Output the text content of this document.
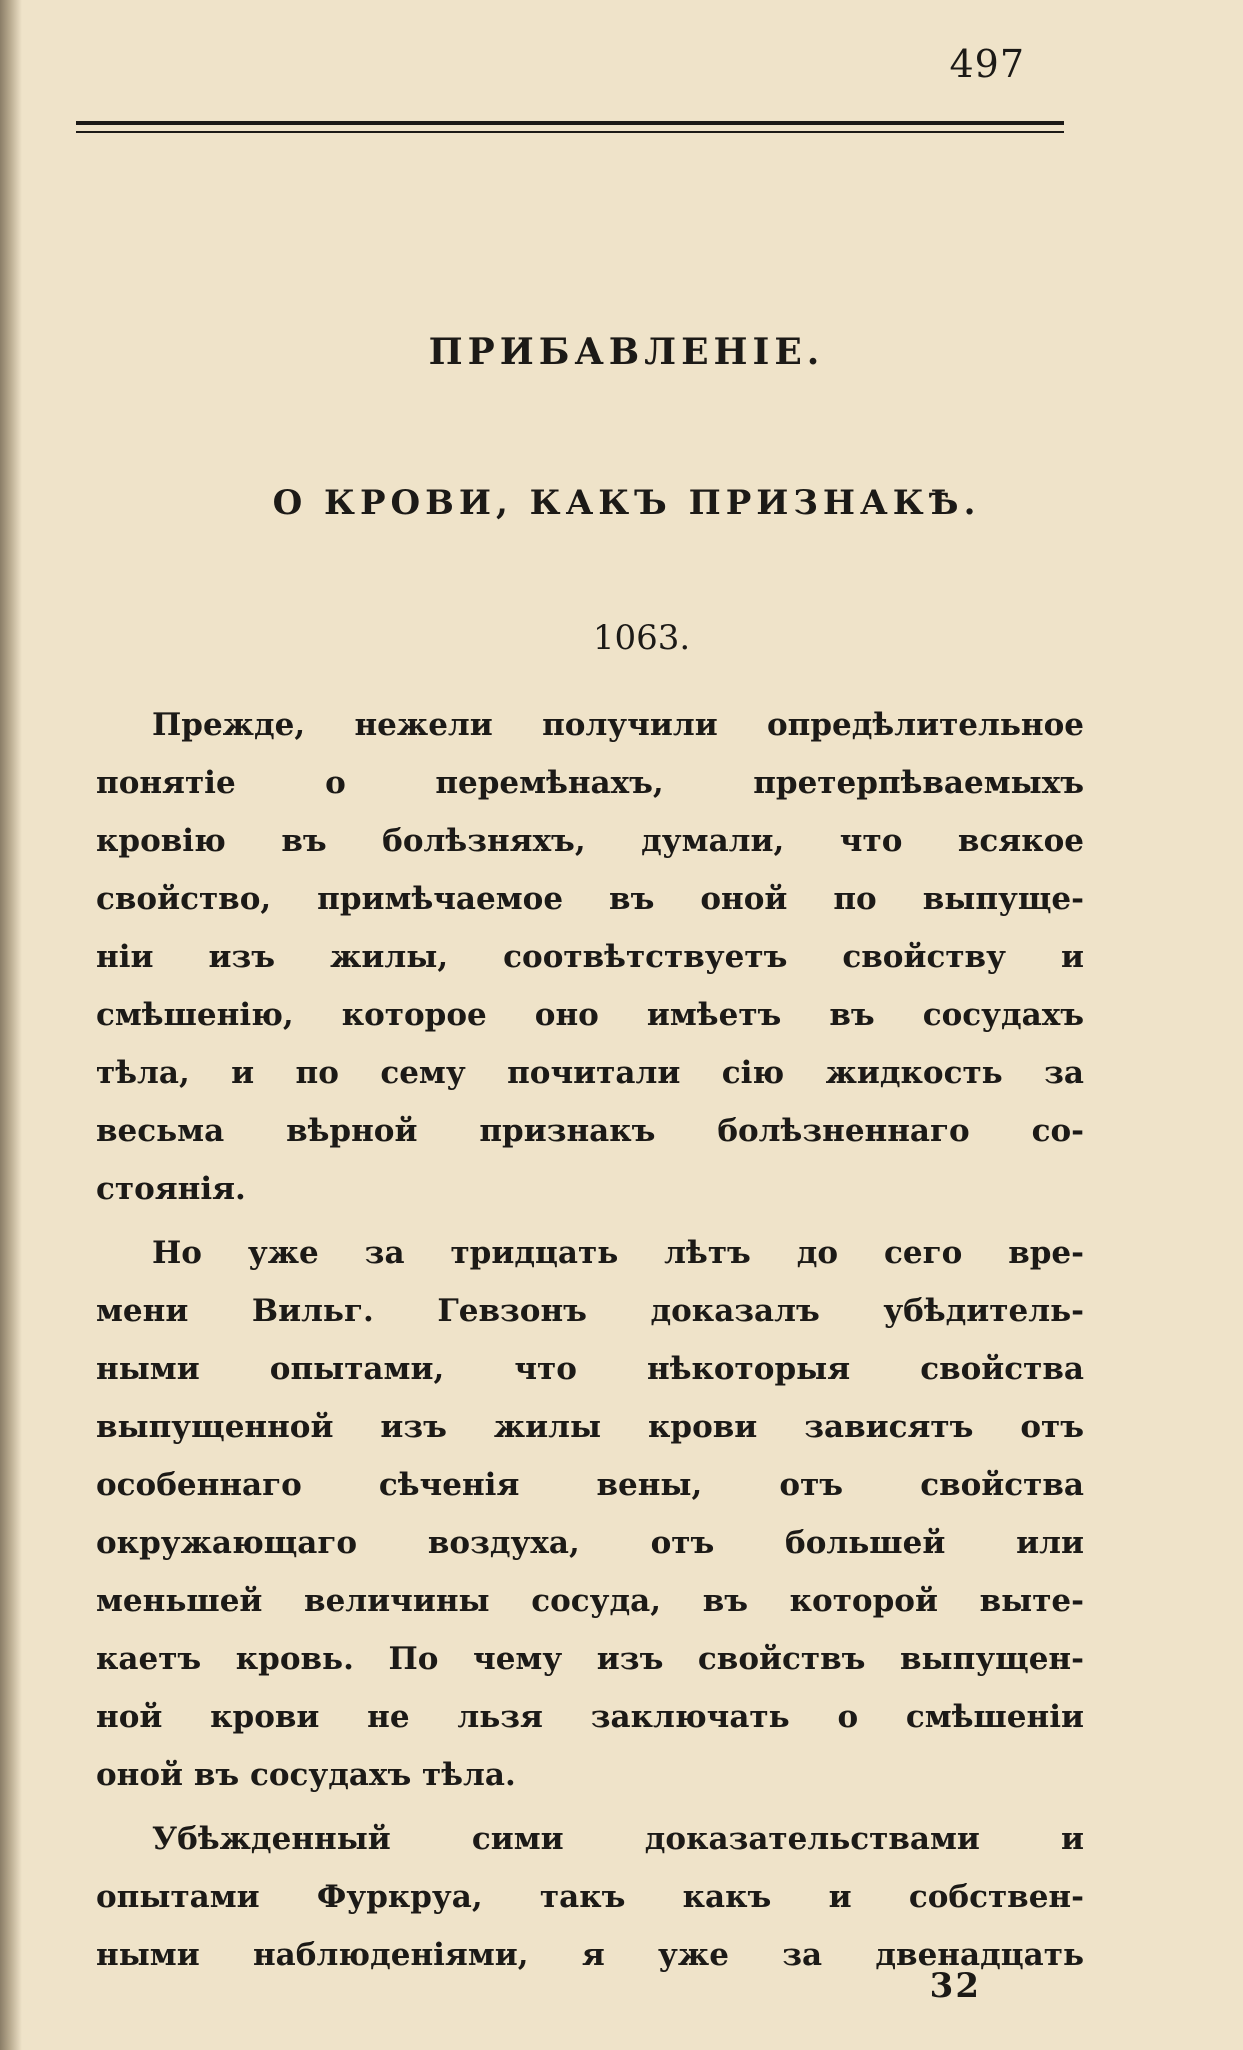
497
ПРИБАВЛЕНІЕ.
О КРОВИ, КАКЪ ПРИЗНАКѢ.
1063.
Прежде, нежели получили опредѣлительное
понятіе о перемѣнахъ, претерпѣваемыхъ
кровію въ болѣзняхъ, думали, что всякое
свойство, примѣчаемое въ оной по выпуще-
ніи изъ жилы, соотвѣтствуетъ свойству и
смѣшенію, которое оно имѣетъ въ сосудахъ
тѣла, и по сему почитали сію жидкость за
весьма вѣрной признакъ болѣзненнаго со-
стоянія.
Но уже за тридцать лѣтъ до сего вре-
мени Вильг. Гевзонъ доказалъ убѣдитель-
ными опытами, что нѣкоторыя свойства
выпущенной изъ жилы крови зависятъ отъ
особеннаго сѣченія вены, отъ свойства
окружающаго воздуха, отъ большей или
меньшей величины сосуда, въ которой выте-
каетъ кровь. По чему изъ свойствъ выпущен-
ной крови не льзя заключать о смѣшеніи
оной въ сосудахъ тѣла.
Убѣжденный сими доказательствами и
опытами Фуркруа, такъ какъ и собствен-
ными наблюденіями, я уже за двенадцать
32
